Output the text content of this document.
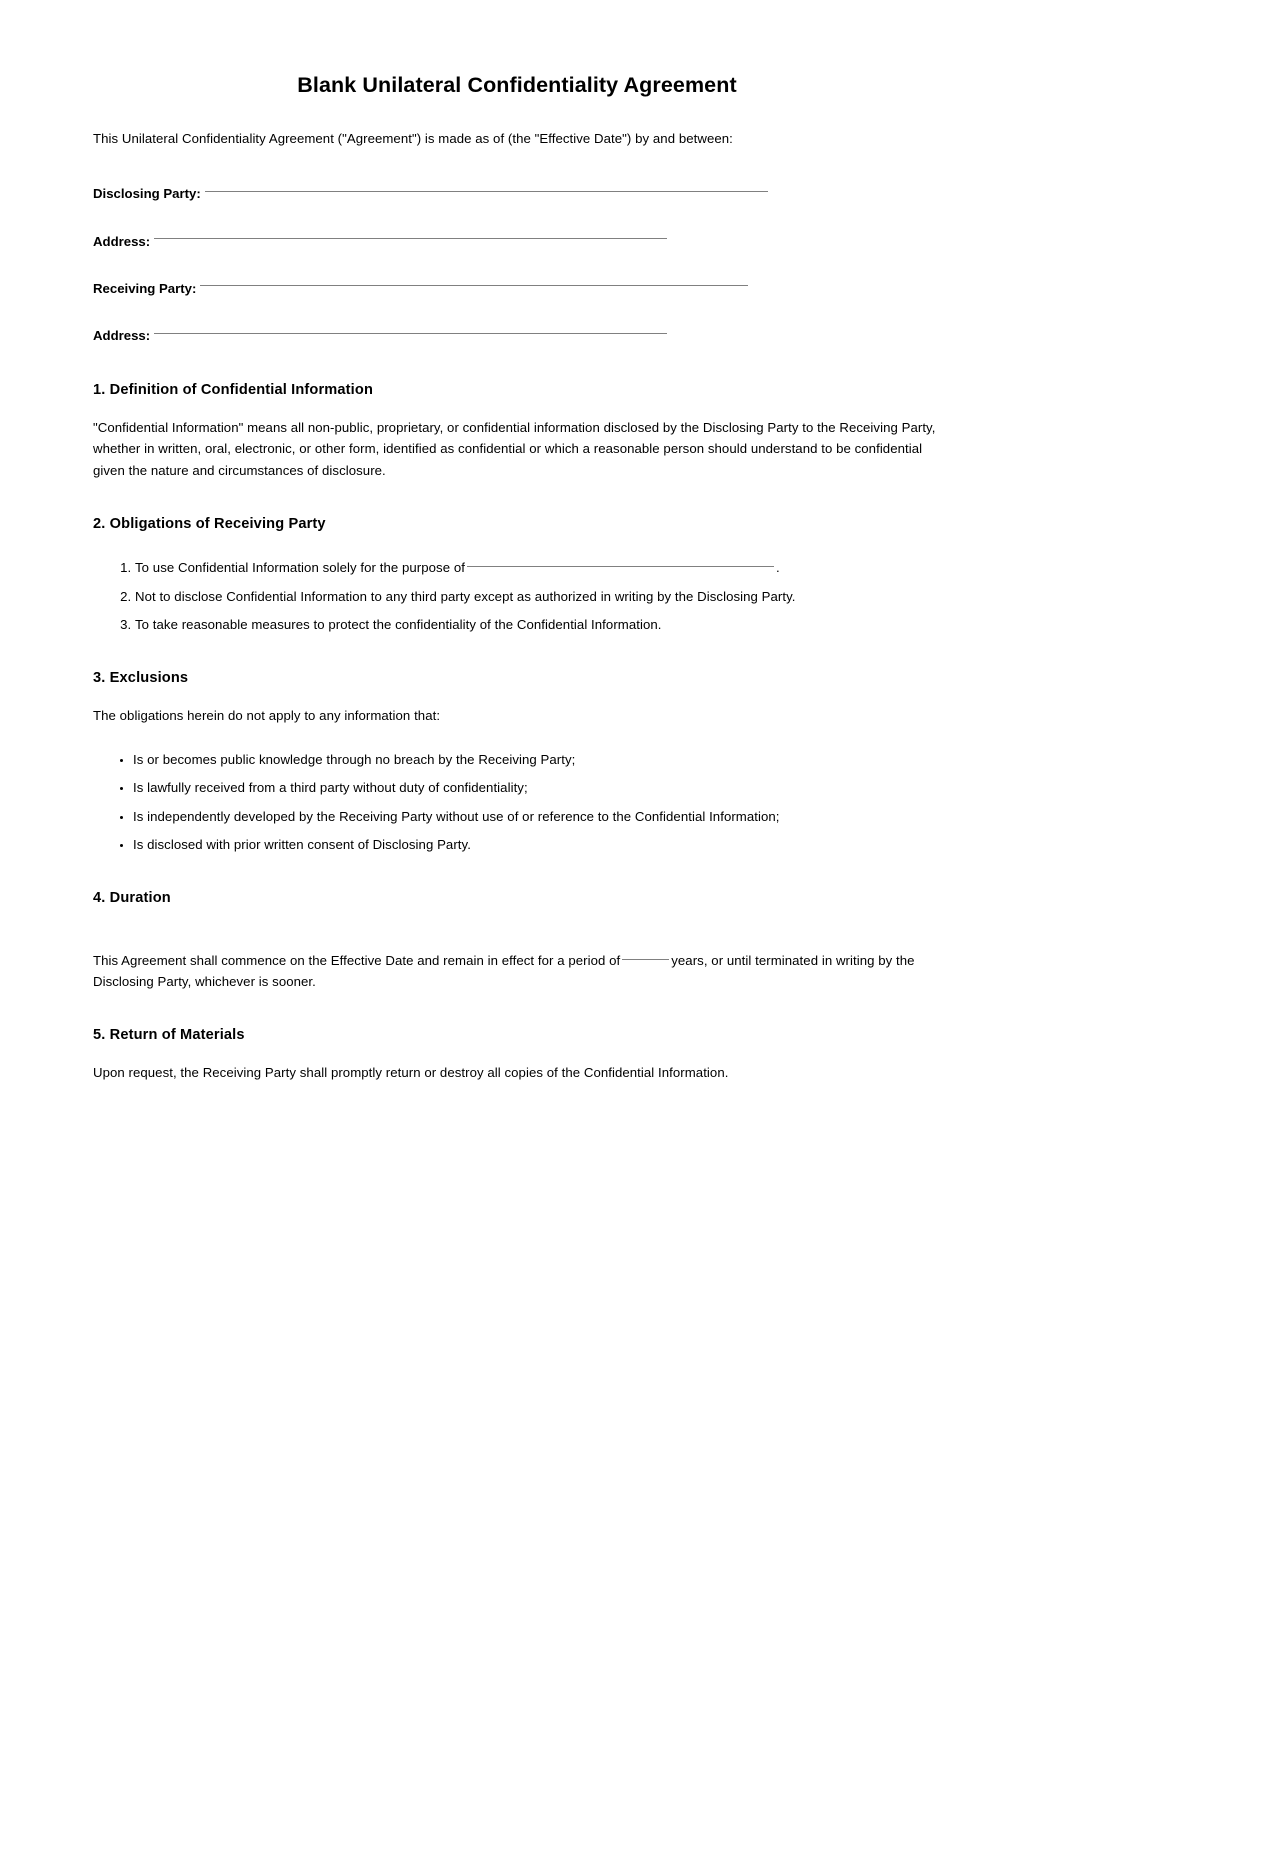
Blank Unilateral Confidentiality Agreement

This Unilateral Confidentiality Agreement ("Agreement") is made as of (the "Effective Date") by and between:

Disclosing Party:
Address:
Receiving Party:
Address:
1. Definition of Confidential Information

"Confidential Information" means all non-public, proprietary, or confidential information disclosed by the Disclosing Party to the Receiving Party, whether in written, oral, electronic, or other form, identified as confidential or which a reasonable person should understand to be confidential given the nature and circumstances of disclosure.

2. Obligations of Receiving Party
1. To use Confidential Information solely for the purpose of	.
2. Not to disclose Confidential Information to any third party except as authorized in writing by the Disclosing Party.
3. To take reasonable measures to protect the confidentiality of the Confidential Information.
3. Exclusions

The obligations herein do not apply to any information that:

• Is or becomes public knowledge through no breach by the Receiving Party;
• Is lawfully received from a third party without duty of confidentiality;
• Is independently developed by the Receiving Party without use of or reference to the Confidential Information;
• Is disclosed with prior written consent of Disclosing Party.
4. Duration

This Agreement shall commence on the Effective Date and remain in effect for a period of	years, or until terminated in writing by the Disclosing Party, whichever is sooner.

5. Return of Materials

Upon request, the Receiving Party shall promptly return or destroy all copies of the Confidential Information.
